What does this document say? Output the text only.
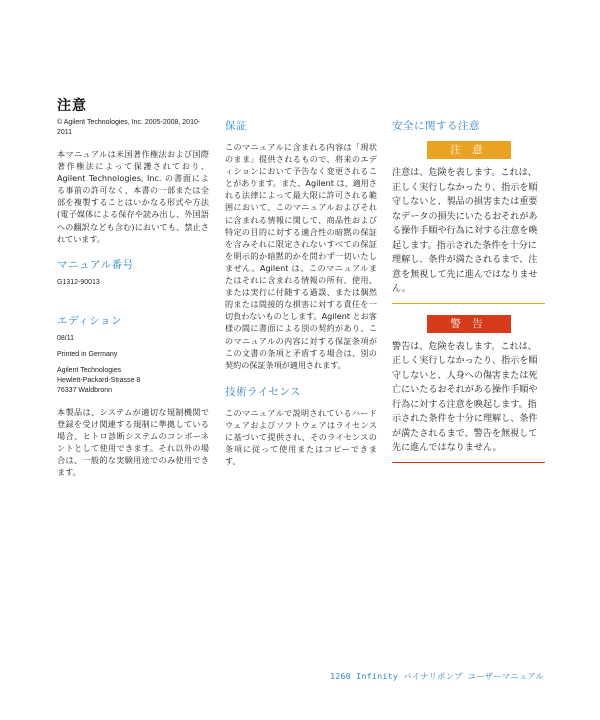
注意

© Agilent Technologies, Inc. 2005-2008, 2010-2011

本マニュアルは米国著作権法および国際著作権法によって保護されており、Agilent Technologies, Inc. の書面による事前の許可なく、本書の一部または全部を複製することはいかなる形式や方法(電子媒体による保存や読み出し、外国語への翻訳なども含む)においても、禁止されています。

マニュアル番号

G1312-90013

エディション

08/11

Printed in Germany

Agilent Technologies

Hewlett-Packard-Strasse 8

76337 Waldbronn

本製品は、システムが適切な規制機関で登録を受け関連する規制に準拠している場合、ヒトロ診断システムのコンポーネントとして使用できます。それ以外の場合は、一般的な実験用途でのみ使用できます。

保証

このマニュアルに含まれる内容は「現状のまま」提供されるもので、将来のエディションにおいて予告なく変更されることがあります。また、Agilent は、適用される法律によって最大限に許可される範囲において、このマニュアルおよびそれに含まれる情報に関して、商品性および特定の目的に対する適合性の暗黙の保証を含みそれに限定されないすべての保証を明示的か暗黙的かを問わず一切いたしません。Agilent は、このマニュアルまたはそれに含まれる情報の所有、使用、または実行に付随する過誤、または偶然的または間接的な損害に対する責任を一切負わないものとします。Agilent とお客様の間に書面による別の契約があり、このマニュアルの内容に対する保証条項がこの文書の条項と矛盾する場合は、別の契約の保証条項が適用されます。

技術ライセンス

このマニュアルで説明されているハードウェアおよびソフトウェアはライセンスに基づいて提供され、そのライセンスの条項に従って使用またはコピーできます。

安全に関する注意
注 意

注意は、危険を表します。これは、正しく実行しなかったり、指示を順守しないと、製品の損害または重要なデータの損失にいたるおそれがある操作手順や行為に対する注意を喚起します。指示された条件を十分に理解し、条件が満たされるまで、注意を無視して先に進んではなりません。

警 告

警告は、危険を表します。これは、正しく実行しなかったり、指示を順守しないと、人身への傷害または死亡にいたるおそれがある操作手順や行為に対する注意を喚起します。指示された条件を十分に理解し、条件が満たされるまで、警告を無視して先に進んではなりません。

1260 Infinity バイナリポンプ ユーザーマニュアル
